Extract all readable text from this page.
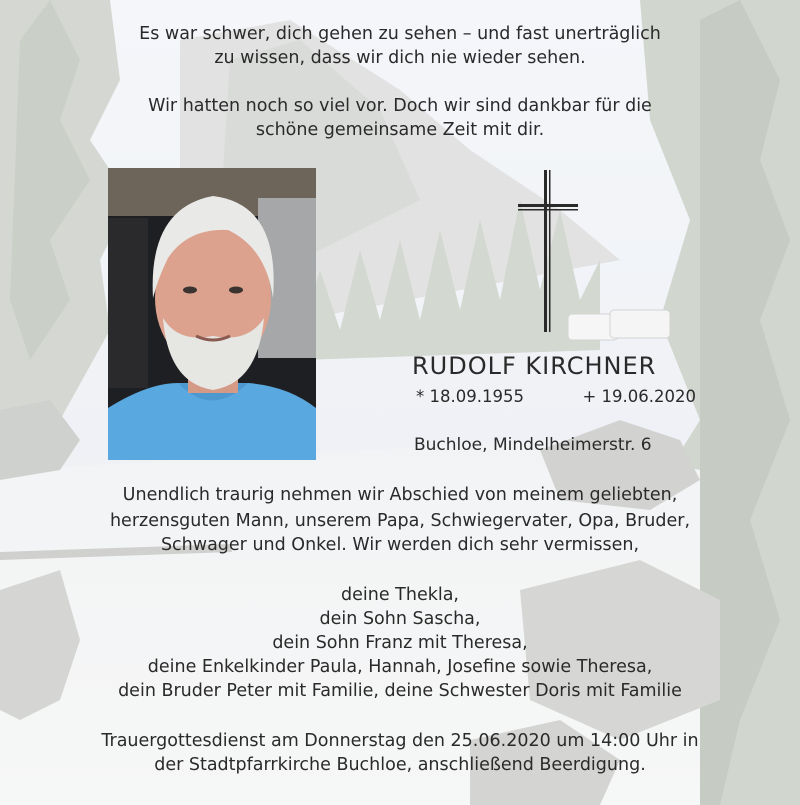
Es war schwer, dich gehen zu sehen – und fast unerträglich
zu wissen, dass wir dich nie wieder sehen.
Wir hatten noch so viel vor. Doch wir sind dankbar für die
schöne gemeinsame Zeit mit dir.
RUDOLF KIRCHNER
* 18.09.1955	+ 19.06.2020
Buchloe, Mindelheimerstr. 6
Unendlich traurig nehmen wir Abschied von meinem geliebten,
herzensguten Mann, unserem Papa, Schwiegervater, Opa, Bruder,
Schwager und Onkel. Wir werden dich sehr vermissen,
deine Thekla,
dein Sohn Sascha,
dein Sohn Franz mit Theresa,
deine Enkelkinder Paula, Hannah, Josefine sowie Theresa,
dein Bruder Peter mit Familie, deine Schwester Doris mit Familie
Trauergottesdienst am Donnerstag den 25.06.2020 um 14:00 Uhr in
der Stadtpfarrkirche Buchloe, anschließend Beerdigung.
